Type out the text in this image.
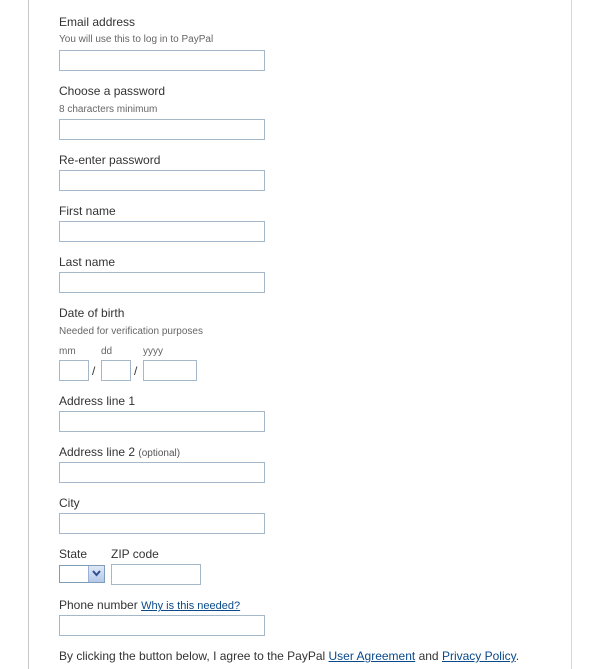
Email address
You will use this to log in to PayPal
Choose a password
8 characters minimum
Re-enter password
First name
Last name
Date of birth
Needed for verification purposes
mm	dd	yyyy
/	/
Address line 1
Address line 2 (optional)
City
State ZIP code
Phone number Why is this needed?
By clicking the button below, I agree to the PayPal User Agreement and Privacy Policy.
